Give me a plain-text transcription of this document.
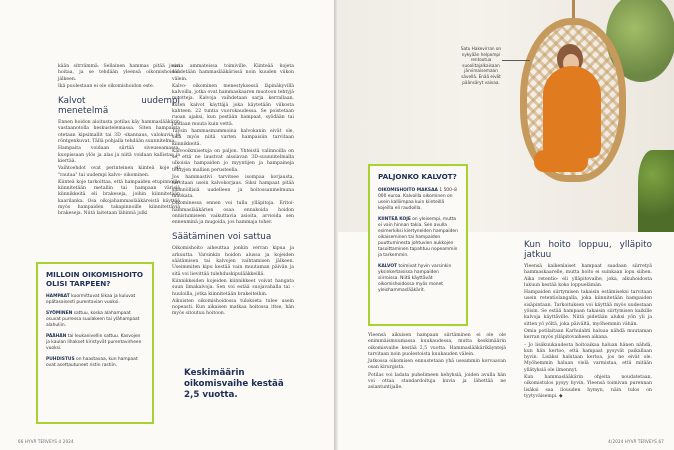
kään sitrrämmä. Sellainen hammas pitää jouri hoitaa, ja se tehdään yleensä oikomishoidon jälkeen.

Ikä puolestaan ei ole oikomishoidon este.

Kalvot uudempi menetelmä

Ennen hoidon aloitusta potilas käy hammaslääkärin vastaanotolla keskustelemassa. Siten hampaista otetaan kipsimallit tai 3D -skannaus, valokuvia ja röntgenkuvat. Tällä pohjalla tehdään suunnitelma.

Hampaita voidaan siirtää siveuseamassa, kuopissaan ylös ja alas ja niitä voidaan kallistaa ja kiertää.

Vaihtoehdot ovat perinteinen kiinteä koje eli "rautaa" tai uudempi kalvo- oikominen.

Kiinteä koje tarkoittaa, että hampaiden etupinnoille kiinnitetään metallin tai hampaan värisiä kiinnikkeitä eli brakeseja, joihin kiinnitetään kaarilanka. Osa oikojahammaslääkäreistä käyttää myös hampaiden takapinnoille kiinnitettäviä brakeseja. Niitä laitetaan lähinnä julki

sissa ammateissa toimiville. Kiinteää kojeta säädetään hammaslääkärissä noin kuuden viikon välein.

Kalvo- oikominen menestyksessä läpinäkyvillä kalvoilla, jotka ovat hammaskaaren muotoon tehtyjä muotteja. Kalvoja vaihdetaan sarja kerrallaan, kuten kalvot käyttäjä joka käytetään viikosta kahteen. 22 tuntia vuorokaudessa. Se poistetaan ruoan ajaksi, kun pestään hampaat, syödään tai juodaan muuta kuin vettä.

Täysin hammasmammoina kalvokanin eivät ole, sillä myös niitä varten hampaisiin tarvitaan kiinnikkeitä.

Kalvooikmisetuja on paljon. Yhteistä valinnoilla on se, että ne laustvat alssiavan 3D-suunnitelmalla ulkoisia hampaiden jo myyntijen ja hampaineja tehtyjen mallien perusteella.

Jos hammastivi tarvitsee isompaa korjausta, tarvitaan usein kalvokorjaus. Siksi hampaat pitää säännöllisiä uudelleen ja hoitossanmelmuna muokata.

Oikominessa ennen voi tulla ylläpitoja. Eritoihammaslääkärien osaa ennakoida hoidon onnistumiseen vaikuttavia asioita, arvioida sen ennenminä ja mugoida, jos hammaja toher.

Säätäminen voi sattua

Oikomishoito aiheuttaa jonkin verran kipua ja arkuutta. Varsinkin hoidon alussa ja kojeiden säätämisen tai kalvojen vaihtamisen jälkeen. Useimmiten kipu kestää vain muutaman päivän ja sitä voi lievittää tulehduskipulääkkeillä.

Kiinnikkeiden kojeiden kiinnikkeet voivat hangata suun limakalvoja. Sen voi estää suojavahalla tai -huuloilla, jotka kiinnitetään brakeiteihin.

Aikuisten oikomishoidossa tulokseta tulee usein nopeasti. Kun aikaisen matkaa hoitossa ittse, hän myös sitoutuu hoitoon.

MILLOIN OIKOMISHOITO OLISI TARPEEN?
HAMPAAT kuormittuvat liikaa ja kuluvat epätasaisesti purentavian vuoksi.
SYÖMINEN sattuu, koska alahampaat osuvat purressa suulakeen tai ylähampaat alahuliin.
PÄÄHÄN tai leukanivellin sattuu. Kasvojen ja kaulan lihakset kiristyvät purentavirheen vuoksi.
PUHDISTUS on haastavaa, kun hampaat ovat asettautuneet ristin rastiin.
Keskimäärin oikomisvaihe kestää 2,5 vuotta.
66 HYVÄ TERVEYS 4 2024
Satu Hakevirran on nykyään helpompi rentoutua suoolitajalkaisaan järvimaisemaan sävellä. Enää eivät päänsäryt vaivaa.
PALJONKO KALVOT?
OIKOMISHOITO MAKSAA 1 500–8 000 euroa. Kalvoilla oikominen on usein kalliimpaa kuin kiinteillä kojeilla eli raudoilla.
KIINTEÄ KOJE on yleisempi, mutta ei vain hinnan takia. Sen avulla esimerkiksi kiertyneiden hampaiden oikaiseminen tai hampaiden puuttuminesta johtuvien aukkojen tasoittaminen tapahtuu nopeammin ja tarkemmin.
KALVOT toimivat hyvin varsinkin yksinkertaisissa hampaiden siirroissa. Niitä käyttävät oikomishoidossa myös monet yleishammaslääkärit.

Yleensä aikuisen hampaan siirtäminen ei ole ole enimmäismuumassa kuukaudessa, mutta keskimäärin oikomisvaihe kestää 2,5 vuotta. Hammaslääkärikäyntejä tarvitaan noin puolestoista kuukauden välein.

Jatkossa oikomisen ennustetaan yhä useammin korvaavan osan kirurgista.

Potilas voi ladata puhelimeen kehyksiä, joiden avulla hän voi ottaa standardoituja kuvia ja lähettää ne asiantuntijalle.

Kun hoito loppuu, ylläpito jatkuu

Yleensä kaikenlaiset hampaat saadaan siirretyä hammaskaarelle, mutta hoito ei suinkaan lopu siihen. Aika retentio- eli ylläpitovaihe, joka, alkuhoidosta lukuun kestää koko loppuelämän.

Hampaiden siirtymisen takaisin estämiseksi tarvitaan usein retentiolangalla, joka kiinnitetään hampaiden sisäpintaan. Tarkoituksen voi käyttää myös uudestaan yöisin. Se estää hampaan takaisin siirtymisen kaikille kalvoja käyttäville. Niitä pidetään aluksi yön yli ja sitten yö yöltä, joka päivältä, myöhemmin vähän.

Omia potilaitaan Karhulahti haluaa nähdä muutaman kerran myös ylläpitovaiheen aikana.

– Jo lisäkuukaudesta hoitoaikaa haluan hänen nähdä, kun hän kertoo, että hampaat pysyvät paikallaan hyvin. Lisäksi halutaan kertoa, jos ne eivät ole. Myöhemmin haluan vielä varmistaa, että mitään yllätyksiä ole ilmennyt.

Kun hammaslääkärin ohjeita noudatetaan, oikomistulos pysyy hyvin. Yleensä toimivan purennan lisäksi saa ilouuden hymyn, näin tulos on tyytyväisempi. ◆

4/2024 HYVÄ TERVEYS 67
